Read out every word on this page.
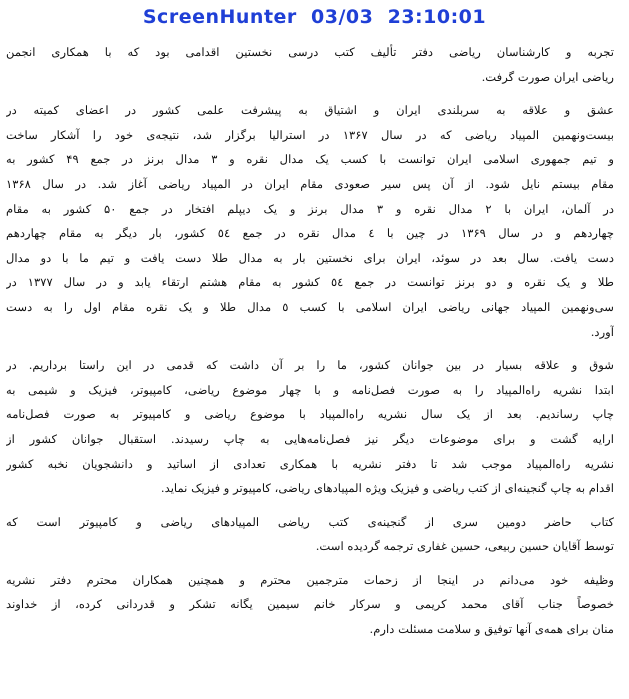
ScreenHunter 03/03 23:10:01
تجربه و کارشناسان ریاضی دفتر تألیف کتب درسی نخستین اقدامی بود که با همکاری انجمن
ریاضی ایران صورت گرفت.
عشق و علاقه به سربلندی ایران و اشتیاق به پیشرفت علمی کشور در اعضای کمیته در
بیست‌ونهمین المپیاد ریاضی که در سال ۱۳۶۷ در استرالیا برگزار شد، نتیجه‌ی خود را آشکار ساخت
و تیم جمهوری اسلامی ایران توانست با کسب یک مدال نقره و ۳ مدال برنز در جمع ۴۹ کشور به
مقام بیستم نایل شود. از آن پس سیر صعودی مقام ایران در المپیاد ریاضی آغاز شد. در سال ۱۳۶۸
در آلمان، ایران با ۲ مدال نقره و ۳ مدال برنز و یک دیپلم افتخار در جمع ۵۰ کشور به مقام
چهاردهم و در سال ۱۳۶۹ در چین با ٤ مدال نقره در جمع ٥٤ کشور، بار دیگر به مقام چهاردهم
دست یافت. سال بعد در سوئد، ایران برای نخستین بار به مدال طلا دست یافت و تیم ما با دو مدال
طلا و یک نقره و دو برنز توانست در جمع ٥٤ کشور به مقام هشتم ارتقاء یابد و در سال ۱۳۷۷ در
سی‌ونهمین المپیاد جهانی ریاضی ایران اسلامی با کسب ٥ مدال طلا و یک نقره مقام اول را به دست
آورد.
شوق و علاقه بسیار در بین جوانان کشور، ما را بر آن داشت که قدمی در این راستا برداریم. در
ابتدا نشریه راه‌المپیاد را به صورت فصل‌نامه و با چهار موضوع ریاضی، کامپیوتر، فیزیک و شیمی به
چاپ رساندیم. بعد از یک سال نشریه راه‌المپیاد با موضوع ریاضی و کامپیوتر به صورت فصل‌نامه
ارایه گشت و برای موضوعات دیگر نیز فصل‌نامه‌هایی به چاپ رسیدند. استقبال جوانان کشور از
نشریه راه‌المپیاد موجب شد تا دفتر نشریه با همکاری تعدادی از اساتید و دانشجویان نخبه کشور
اقدام به چاپ گنجینه‌ای از کتب ریاضی و فیزیک ویژه المپیادهای ریاضی، کامپیوتر و فیزیک نماید.
کتاب حاضر دومین سری از گنجینه‌ی کتب ریاضی المپیادهای ریاضی و کامپیوتر است که
توسط آقایان حسین ربیعی، حسین غفاری ترجمه گردیده است.
وظیفه خود می‌دانم در اینجا از زحمات مترجمین محترم و همچنین همکاران محترم دفتر نشریه
خصوصاً جناب آقای محمد کریمی و سرکار خانم سیمین یگانه تشکر و قدردانی کرده، از خداوند
منان برای همه‌ی آنها توفیق و سلامت مسئلت دارم.
